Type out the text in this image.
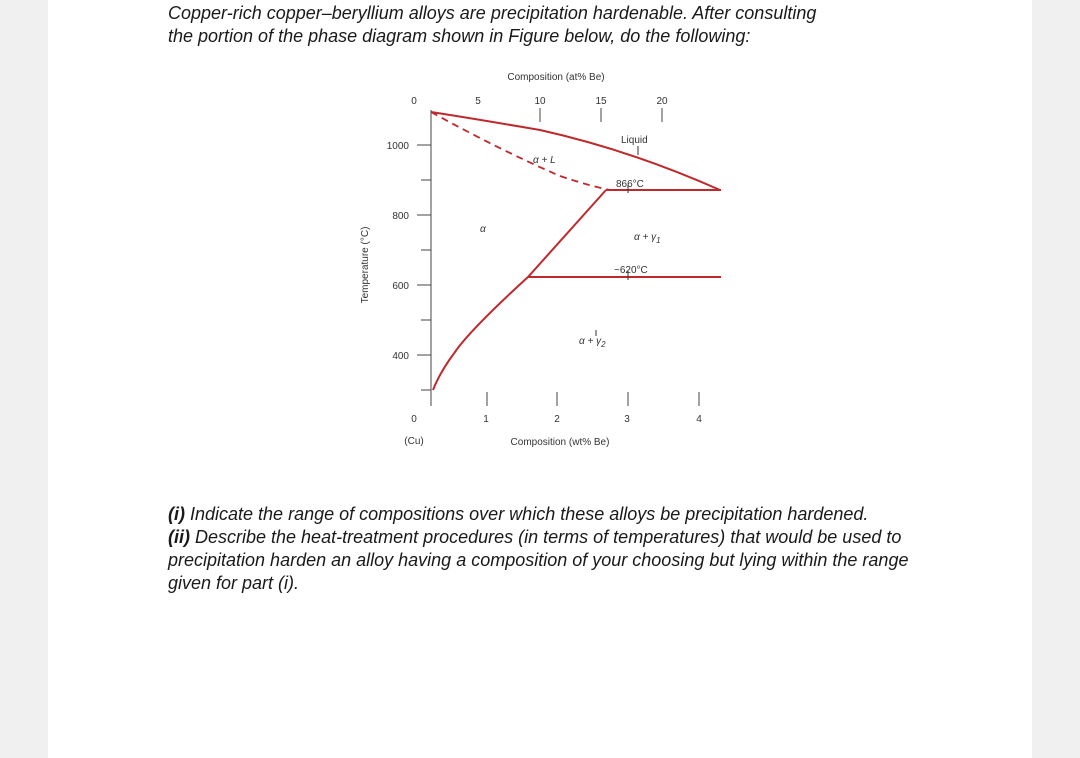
Copper-rich copper–beryllium alloys are precipitation hardenable. After consulting
the portion of the phase diagram shown in Figure below, do the following:
Composition (at% Be)
0	5	10	15	20
1000
800
600
400
Temperature (°C)
0	1	2	3	4
(Cu)	Composition (wt% Be)
Liquid
α + L
866°C
α
$\alpha + \gamma_1$
~620°C
$\alpha + \gamma_2$

(i) Indicate the range of compositions over which these alloys be precipitation hardened.

(ii) Describe the heat-treatment procedures (in terms of temperatures) that would be used to precipitation harden an alloy having a composition of your choosing but lying within the range given for part (i).
